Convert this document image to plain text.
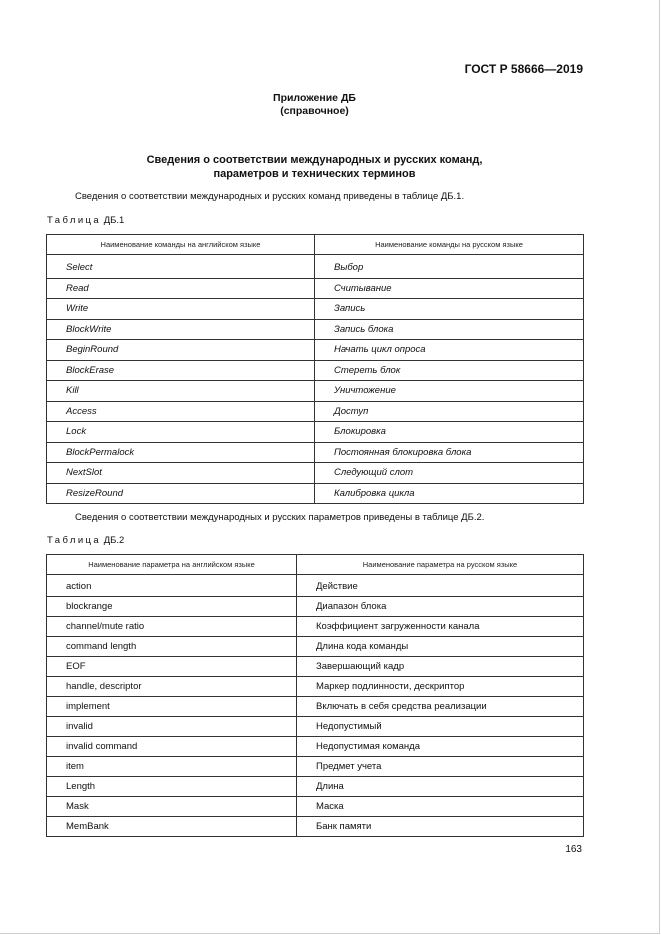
ГОСТ Р 58666—2019
Приложение ДБ
(справочное)
Сведения о соответствии международных и русских команд,
параметров и технических терминов
Сведения о соответствии международных и русских команд приведены в таблице ДБ.1.
Таблица ДБ.1
Наименование команды на английском языке	Наименование команды на русском языке
Select	Выбор
Read	Считывание
Write	Запись
BlockWrite	Запись блока
BeginRound	Начать цикл опроса
BlockErase	Стереть блок
Kill	Уничтожение
Access	Доступ
Lock	Блокировка
BlockPermalock	Постоянная блокировка блока
NextSlot	Следующий слот
ResizeRound	Калибровка цикла
Сведения о соответствии международных и русских параметров приведены в таблице ДБ.2.
Таблица ДБ.2
Наименование параметра на английском языке	Наименование параметра на русском языке
action	Действие
blockrange	Диапазон блока
channel/mute ratio	Коэффициент загруженности канала
command length	Длина кода команды
EOF	Завершающий кадр
handle, descriptor	Маркер подлинности, дескриптор
implement	Включать в себя средства реализации
invalid	Недопустимый
invalid command	Недопустимая команда
item	Предмет учета
Length	Длина
Mask	Маска
MemBank	Банк памяти
163
